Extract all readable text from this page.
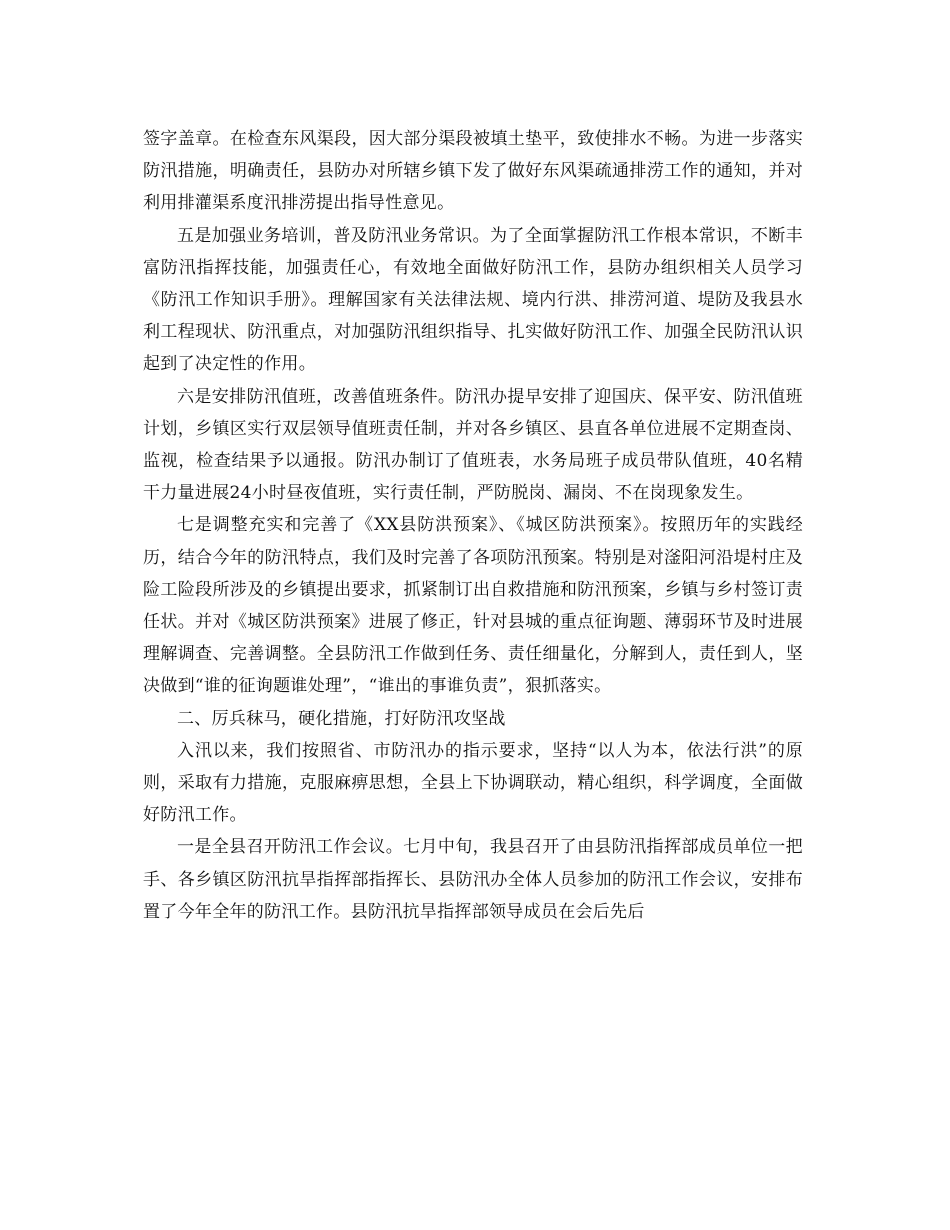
签字盖章。在检查东风渠段，因大部分渠段被填土垫平，致使排水不畅。为进一步落实防汛措施，明确责任，县防办对所辖乡镇下发了做好东风渠疏通排涝工作的通知，并对利用排灌渠系度汛排涝提出指导性意见。

五是加强业务培训，普及防汛业务常识。为了全面掌握防汛工作根本常识，不断丰富防汛指挥技能，加强责任心，有效地全面做好防汛工作，县防办组织相关人员学习《防汛工作知识手册》。理解国家有关法律法规、境内行洪、排涝河道、堤防及我县水利工程现状、防汛重点，对加强防汛组织指导、扎实做好防汛工作、加强全民防汛认识起到了决定性的作用。

六是安排防汛值班，改善值班条件。防汛办提早安排了迎国庆、保平安、防汛值班计划，乡镇区实行双层领导值班责任制，并对各乡镇区、县直各单位进展不定期查岗、监视，检查结果予以通报。防汛办制订了值班表，水务局班子成员带队值班，40名精干力量进展24小时昼夜值班，实行责任制，严防脱岗、漏岗、不在岗现象发生。

七是调整充实和完善了《XX县防洪预案》、《城区防洪预案》。按照历年的实践经历，结合今年的防汛特点，我们及时完善了各项防汛预案。特别是对滏阳河沿堤村庄及险工险段所涉及的乡镇提出要求，抓紧制订出自救措施和防汛预案，乡镇与乡村签订责任状。并对《城区防洪预案》进展了修正，针对县城的重点征询题、薄弱环节及时进展理解调查、完善调整。全县防汛工作做到任务、责任细量化，分解到人，责任到人，坚决做到“谁的征询题谁处理”，“谁出的事谁负责”，狠抓落实。

二、厉兵秣马，硬化措施，打好防汛攻坚战

入汛以来，我们按照省、市防汛办的指示要求，坚持“以人为本，依法行洪”的原则，采取有力措施，克服麻痹思想，全县上下协调联动，精心组织，科学调度，全面做好防汛工作。

一是全县召开防汛工作会议。七月中旬，我县召开了由县防汛指挥部成员单位一把手、各乡镇区防汛抗旱指挥部指挥长、县防汛办全体人员参加的防汛工作会议，安排布置了今年全年的防汛工作。县防汛抗旱指挥部领导成员在会后先后
